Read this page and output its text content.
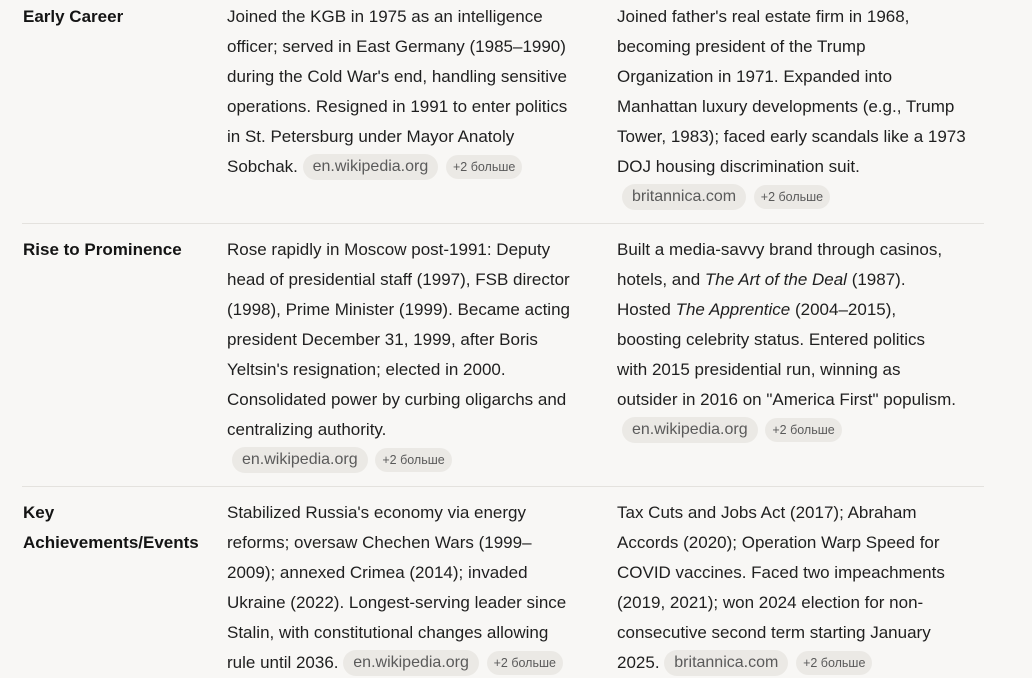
Early Career	Joined the KGB in 1975 as an intelligence
officer; served in East Germany (1985–1990)
during the Cold War's end, handling sensitive
operations. Resigned in 1991 to enter politics
in St. Petersburg under Mayor Anatoly
Sobchak. en.wikipedia.org +2 больше
Joined father's real estate firm in 1968,
becoming president of the Trump
Organization in 1971. Expanded into
Manhattan luxury developments (e.g., Trump
Tower, 1983); faced early scandals like a 1973
DOJ housing discrimination suit.
britannica.com +2 больше
Rise to Prominence	Rose rapidly in Moscow post-1991: Deputy
head of presidential staff (1997), FSB director
(1998), Prime Minister (1999). Became acting
president December 31, 1999, after Boris
Yeltsin's resignation; elected in 2000.
Consolidated power by curbing oligarchs and
centralizing authority.
en.wikipedia.org +2 больше
Built a media-savvy brand through casinos,
hotels, and The Art of the Deal (1987).
Hosted The Apprentice (2004–2015),
boosting celebrity status. Entered politics
with 2015 presidential run, winning as
outsider in 2016 on "America First" populism.
en.wikipedia.org +2 больше
Key
Achievements/Events
Stabilized Russia's economy via energy
reforms; oversaw Chechen Wars (1999–
2009); annexed Crimea (2014); invaded
Ukraine (2022). Longest-serving leader since
Stalin, with constitutional changes allowing
rule until 2036. en.wikipedia.org +2 больше
Tax Cuts and Jobs Act (2017); Abraham
Accords (2020); Operation Warp Speed for
COVID vaccines. Faced two impeachments
(2019, 2021); won 2024 election for non-
consecutive second term starting January
2025. britannica.com +2 больше
